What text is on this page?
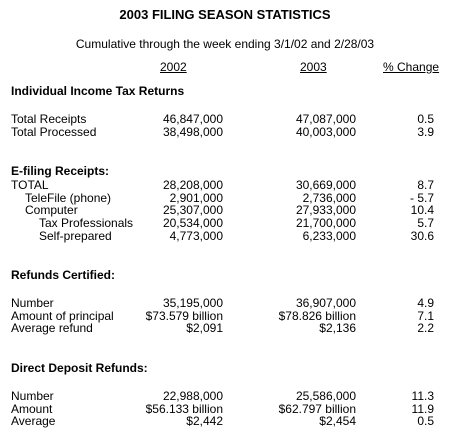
2003 FILING SEASON STATISTICS

Cumulative through the week ending 3/1/02 and 2/28/03

2002	2003	% Change
Individual Income Tax Returns
Total Receipts	46,847,000	47,087,000	0.5
Total Processed	38,498,000	40,003,000	3.9
E-filing Receipts:
TOTAL	28,208,000	30,669,000	8.7
TeleFile (phone)	2,901,000	2,736,000	- 5.7
Computer	25,307,000	27,933,000	10.4
Tax Professionals 20,534,000	21,700,000	5.7
Self-prepared	4,773,000	6,233,000	30.6
Refunds Certified:
Number	35,195,000	36,907,000	4.9
Amount of principal	$73.579 billion	$78.826 billion	7.1
Average refund	$2,091	$2,136	2.2
Direct Deposit Refunds:
Number	22,988,000	25,586,000	11.3
Amount	$56.133 billion	$62.797 billion	11.9
Average	$2,442	$2,454	0.5
